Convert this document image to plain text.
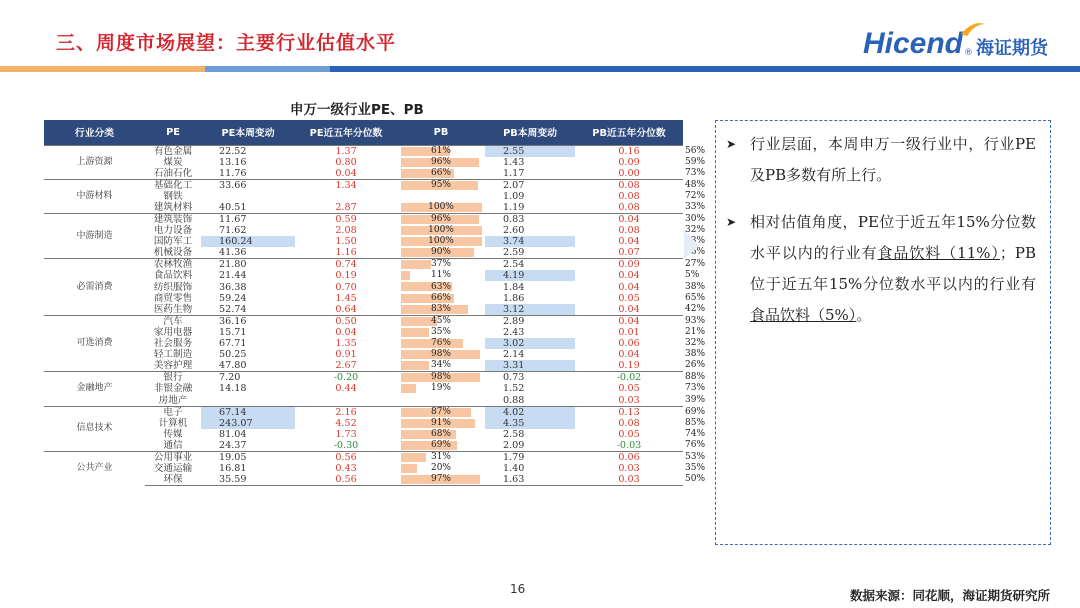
三、周度市场展望：主要行业估值水平	Hicend ® 海证期货
申万一级行业PE、PB
行业分类	PE	PE本周变动	PE近五年分位数	PB	PB本周变动	PB近五年分位数	
上游资源	有色金属	22.52	1.37	61%	2.55	0.16	56%

	煤炭	13.16	0.80	96%	1.43	0.09	59%

	石油石化	11.76	0.04	66%	1.17	0.00	73%

中游材料	基础化工	33.66	1.34	95%	2.07	0.08	48%

	钢铁				1.09	0.08	72%

	建筑材料	40.51	2.87	100%	1.19	0.08	33%

中游制造	建筑装饰	11.67	0.59	96%	0.83	0.04	30%

	电力设备	71.62	2.08	100%	2.60	0.08	32%

	国防军工	160.24	1.50	100%	3.74	0.04	93%

	机械设备	41.36	1.16	90%	2.59	0.07	66%

必需消费	农林牧渔	21.80	0.74	37%	2.54	0.09	27%

	食品饮料	21.44	0.19	11%	4.19	0.04	5%

	纺织服饰	36.38	0.70	63%	1.84	0.04	38%

	商贸零售	59.24	1.45	66%	1.86	0.05	65%

	医药生物	52.74	0.64	83%	3.12	0.04	42%

可选消费	汽车	36.16	0.50	45%	2.89	0.04	93%

	家用电器	15.71	0.04	35%	2.43	0.01	21%

	社会服务	67.71	1.35	76%	3.02	0.06	32%

	轻工制造	50.25	0.91	98%	2.14	0.04	38%

	美容护理	47.80	2.67	34%	3.31	0.19	26%

金融地产	银行	7.20	-0.20	98%	0.73	-0.02	88%

	非银金融	14.18	0.44	19%	1.52	0.05	73%

	房地产				0.88	0.03	39%

信息技术	电子	67.14	2.16	87%	4.02	0.13	69%

	计算机	243.07	4.52	91%	4.35	0.08	85%

	传媒	81.04	1.73	68%	2.58	0.05	74%

	通信	24.37	-0.30	69%	2.09	-0.03	76%

公共产业	公用事业	19.05	0.56	31%	1.79	0.06	53%

	交通运输	16.81	0.43	20%	1.40	0.03	35%

	环保	35.59	0.56	97%	1.63	0.03	50%
➤ 行业层面，本周申万一级行业中，行业PE及PB多数有所上行。
➤ 相对估值角度，PE位于近五年15%分位数水平以内的行业有食品饮料（11%）；PB位于近五年15%分位数水平以内的行业有食品饮料（5%）。
16	数据来源：同花顺，海证期货研究所
